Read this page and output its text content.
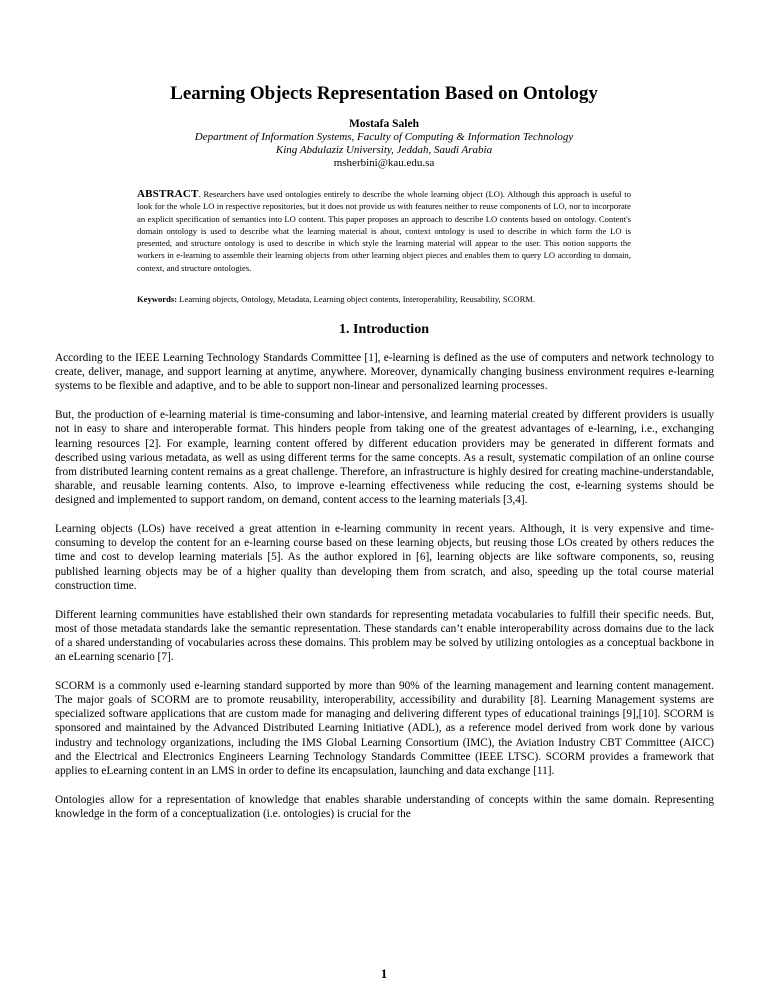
Learning Objects Representation Based on Ontology
Mostafa Saleh
Department of Information Systems, Faculty of Computing & Information Technology
King Abdulaziz University, Jeddah, Saudi Arabia
msherbini@kau.edu.sa
ABSTRACT. Researchers have used ontologies entirely to describe the whole learning object (LO). Although this approach is useful to look for the whole LO in respective repositories, but it does not provide us with features neither to reuse components of LO, nor to incorporate an explicit specification of semantics into LO content. This paper proposes an approach to describe LO contents based on ontology. Content's domain ontology is used to describe what the learning material is about, context ontology is used to describe in which form the LO is presented, and structure ontology is used to describe in which style the learning material will appear to the user. This notion supports the workers in e-learning to assemble their learning objects from other learning object pieces and enables them to query LO according to domain, context, and structure ontologies.
Keywords: Learning objects, Ontology, Metadata, Learning object contents, Interoperability, Reusability, SCORM.
1. Introduction

According to the IEEE Learning Technology Standards Committee [1], e-learning is defined as the use of computers and network technology to create, deliver, manage, and support learning at anytime, anywhere. Moreover, dynamically changing business environment requires e-learning systems to be flexible and adaptive, and to be able to support non-linear and personalized learning processes.

But, the production of e-learning material is time-consuming and labor-intensive, and learning material created by different providers is usually not in easy to share and interoperable format. This hinders people from taking one of the greatest advantages of e-learning, i.e., exchanging learning resources [2]. For example, learning content offered by different education providers may be generated in different formats and described using various metadata, as well as using different terms for the same concepts. As a result, systematic compilation of an online course from distributed learning content remains as a great challenge. Therefore, an infrastructure is highly desired for creating machine-understandable, sharable, and reusable learning contents. Also, to improve e-learning effectiveness while reducing the cost, e-learning systems should be designed and implemented to support random, on demand, content access to the learning materials [3,4].

Learning objects (LOs) have received a great attention in e-learning community in recent years. Although, it is very expensive and time-consuming to develop the content for an e-learning course based on these learning objects, but reusing those LOs created by others reduces the time and cost to develop learning materials [5]. As the author explored in [6], learning objects are like software components, so, reusing published learning objects may be of a higher quality than developing them from scratch, and also, speeding up the total course material construction time.

Different learning communities have established their own standards for representing metadata vocabularies to fulfill their specific needs. But, most of those metadata standards lake the semantic representation. These standards can’t enable interoperability across domains due to the lack of a shared understanding of vocabularies across these domains. This problem may be solved by utilizing ontologies as a conceptual backbone in an eLearning scenario [7].

SCORM is a commonly used e-learning standard supported by more than 90% of the learning management and learning content management. The major goals of SCORM are to promote reusability, interoperability, accessibility and durability [8]. Learning Management systems are specialized software applications that are custom made for managing and delivering different types of educational trainings [9],[10]. SCORM is sponsored and maintained by the Advanced Distributed Learning Initiative (ADL), as a reference model derived from work done by various industry and technology organizations, including the IMS Global Learning Consortium (IMC), the Aviation Industry CBT Committee (AICC) and the Electrical and Electronics Engineers Learning Technology Standards Committee (IEEE LTSC). SCORM provides a framework that applies to eLearning content in an LMS in order to define its encapsulation, launching and data exchange [11].

Ontologies allow for a representation of knowledge that enables sharable understanding of concepts within the same domain. Representing knowledge in the form of a conceptualization (i.e. ontologies) is crucial for the

1
